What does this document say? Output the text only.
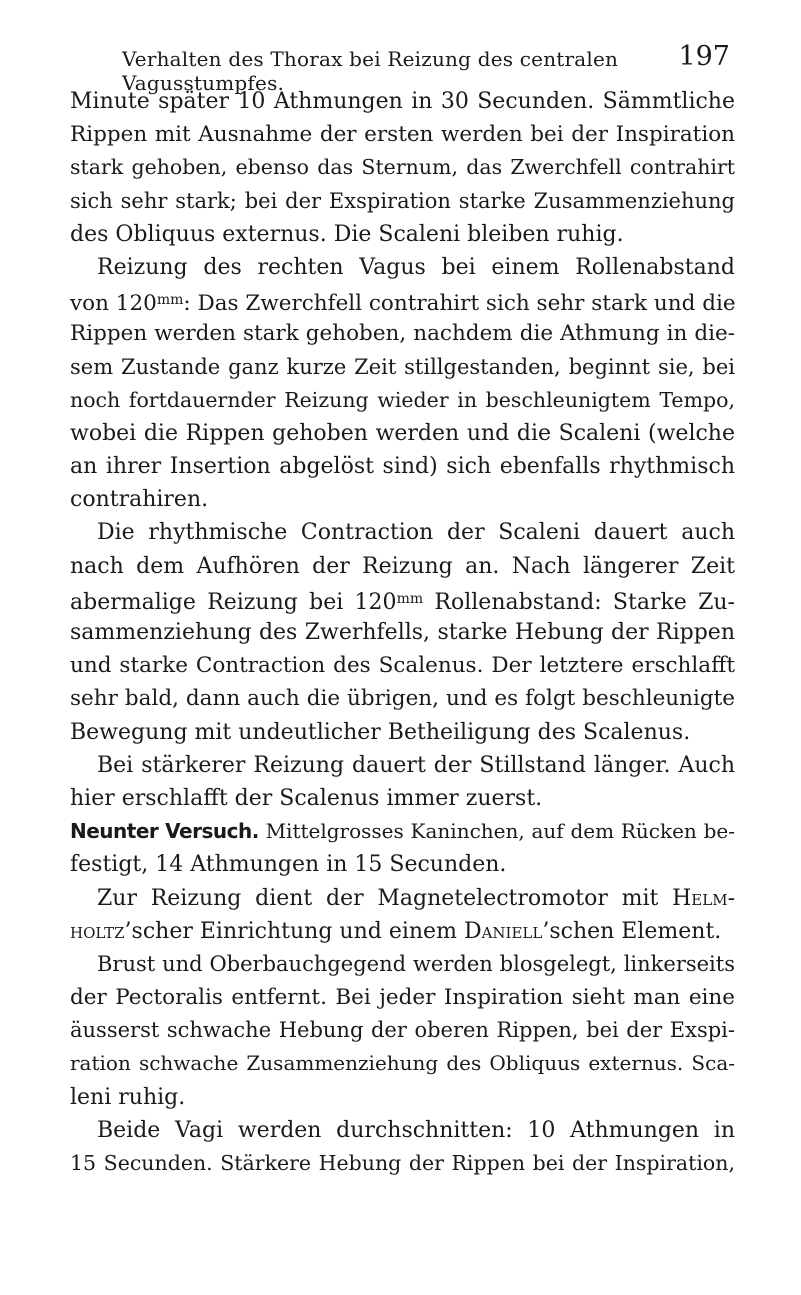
Verhalten des Thorax bei Reizung des centralen Vagusstumpfes.
197
Minute später 10 Athmungen in 30 Secunden. Sämmtliche
Rippen mit Ausnahme der ersten werden bei der Inspiration
stark gehoben, ebenso das Sternum, das Zwerchfell contrahirt
sich sehr stark; bei der Exspiration starke Zusammenziehung
des Obliquus externus. Die Scaleni bleiben ruhig.
Reizung des rechten Vagus bei einem Rollenabstand
von $120^{mm}$: Das Zwerchfell contrahirt sich sehr stark und die
Rippen werden stark gehoben, nachdem die Athmung in die-
sem Zustande ganz kurze Zeit stillgestanden, beginnt sie, bei
noch fortdauernder Reizung wieder in beschleunigtem Tempo,
wobei die Rippen gehoben werden und die Scaleni (welche
an ihrer Insertion abgelöst sind) sich ebenfalls rhythmisch
contrahiren.
Die rhythmische Contraction der Scaleni dauert auch
nach dem Aufhören der Reizung an. Nach längerer Zeit
abermalige Reizung bei $120^{mm}$ Rollenabstand: Starke Zu-
sammenziehung des Zwerhfells, starke Hebung der Rippen
und starke Contraction des Scalenus. Der letztere erschlafft
sehr bald, dann auch die übrigen, und es folgt beschleunigte
Bewegung mit undeutlicher Betheiligung des Scalenus.
Bei stärkerer Reizung dauert der Stillstand länger. Auch
hier erschlafft der Scalenus immer zuerst.
Neunter Versuch. Mittelgrosses Kaninchen, auf dem Rücken be-
festigt, 14 Athmungen in 15 Secunden.
Zur Reizung dient der Magnetelectromotor mit Helm-
holtz’scher Einrichtung und einem Daniell’schen Element.
Brust und Oberbauchgegend werden blosgelegt, linkerseits
der Pectoralis entfernt. Bei jeder Inspiration sieht man eine
äusserst schwache Hebung der oberen Rippen, bei der Exspi-
ration schwache Zusammenziehung des Obliquus externus. Sca-
leni ruhig.
Beide Vagi werden durchschnitten: 10 Athmungen in
15 Secunden. Stärkere Hebung der Rippen bei der Inspiration,
